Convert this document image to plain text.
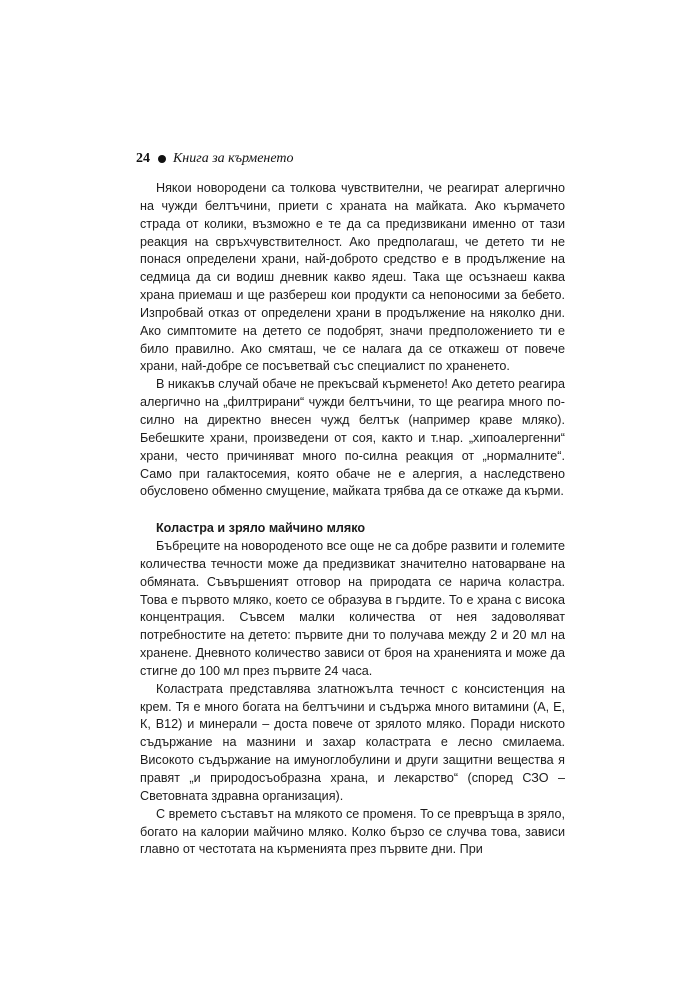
24 Книга за кърменето

Някои новородени са толкова чувствителни, че реагират алергично на чужди белтъчини, приети с храната на майката. Ако кърмачето страда от колики, възможно е те да са предизвикани именно от тази реакция на свръхчувствителност. Ако предполагаш, че детето ти не понася определени храни, най-доброто средство е в продължение на седмица да си водиш дневник какво ядеш. Така ще осъзнаеш каква храна приемаш и ще разбереш кои продукти са непоносими за бебето. Изпробвай отказ от определени храни в продължение на няколко дни. Ако симптомите на детето се подобрят, значи предположението ти е било правилно. Ако смяташ, че се налага да се откажеш от повече храни, най-добре се посъветвай със специалист по храненето.

В никакъв случай обаче не прекъсвай кърменето! Ако детето реагира алергично на „филтрирани“ чужди белтъчини, то ще реагира много по-силно на директно внесен чужд белтък (например краве мляко). Бебешките храни, произведени от соя, както и т.нар. „хипоалергенни“ храни, често причиняват много по-силна реакция от „нормалните“. Само при галактосемия, която обаче не е алергия, а наследствено обусловено обменно смущение, майката трябва да се откаже да кърми.

Коластра и зряло майчино мляко

Бъбреците на новороденото все още не са добре развити и големите количества течности може да предизвикат значително натоварване на обмяната. Съвършеният отговор на природата се нарича коластра. Това е първото мляко, което се образува в гърдите. То е храна с висока концентрация. Съвсем малки количества от нея задоволяват потребностите на детето: първите дни то получава между 2 и 20 мл на хранене. Дневното количество зависи от броя на храненията и може да стигне до 100 мл през първите 24 часа.

Коластрата представлява златножълта течност с консистенция на крем. Тя е много богата на белтъчини и съдържа много витамини (А, Е, К, В12) и минерали – доста повече от зрялото мляко. Поради ниското съдържание на мазнини и захар коластрата е лесно смилаема. Високото съдържание на имуноглобулини и други защитни вещества я правят „и природосъобразна храна, и лекарство“ (според СЗО – Световната здравна организация).

С времето съставът на млякото се променя. То се превръща в зряло, богато на калории майчино мляко. Колко бързо се случва това, зависи главно от честотата на кърменията през първите дни. При
